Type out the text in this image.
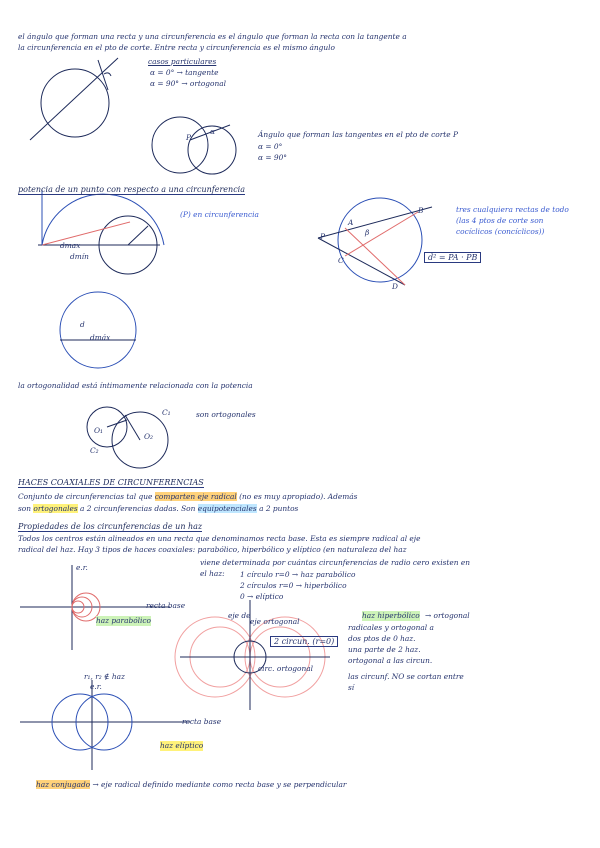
el ángulo que forman una recta y una circunferencia es el ángulo que forman la recta con la tangente a
la circunferencia en el pto de corte. Entre recta y circunferencia es el mismo ángulo
casos particulares
α = 0° → tangente
α = 90° → ortogonal
Ángulo que forman las tangentes en el pto de corte P
α = 0°
α = 90°
P
α
potencia de un punto con respecto a una circunferencia
(P) en circunferencia
dmax
dmín
tres cualquiera rectas de todo
(las 4 ptos de corte son
cocíclicos (concíclicos))
d² = PA · PB
P
A
B
C
D
β
d
dmáx
la ortogonalidad está íntimamente relacionada con la potencia
son ortogonales
C₁
C₂
O₁
O₂
HACES COAXIALES DE CIRCUNFERENCIAS
Conjunto de circunferencias tal que comparten eje radical (no es muy apropiado). Además
son ortogonales a 2 circunferencias dadas. Son equipotenciales a 2 puntos
Propiedades de los circunferencias de un haz
Todos los centros están alineados en una recta que denominamos recta base. Esta es siempre radical al eje
radical del haz. Hay 3 tipos de haces coaxiales: parabólico, hiperbólico y elíptico (en naturaleza del haz
viene determinada por cuántas circunferencias de radio cero existen en
el haz: 1 círculo r=0 → haz parabólico
2 círculos r=0 → hiperbólico
0 → elíptico
e.r.
recta base
haz parabólico
eje de	haz hiperbólico → ortogonal
radicales y ortogonal a
dos ptos de 0 haz.
una parte de 2 haz.
ortogonal a las circun.
eje ortogonal
2 circun. (r=0)
circ. ortogonal
las circunf. NO se cortan entre
sí
r₁, r₂ ∉ haz
e.r.
recta base
haz elíptico
haz conjugado → eje radical definido mediante como recta base y se perpendicular
